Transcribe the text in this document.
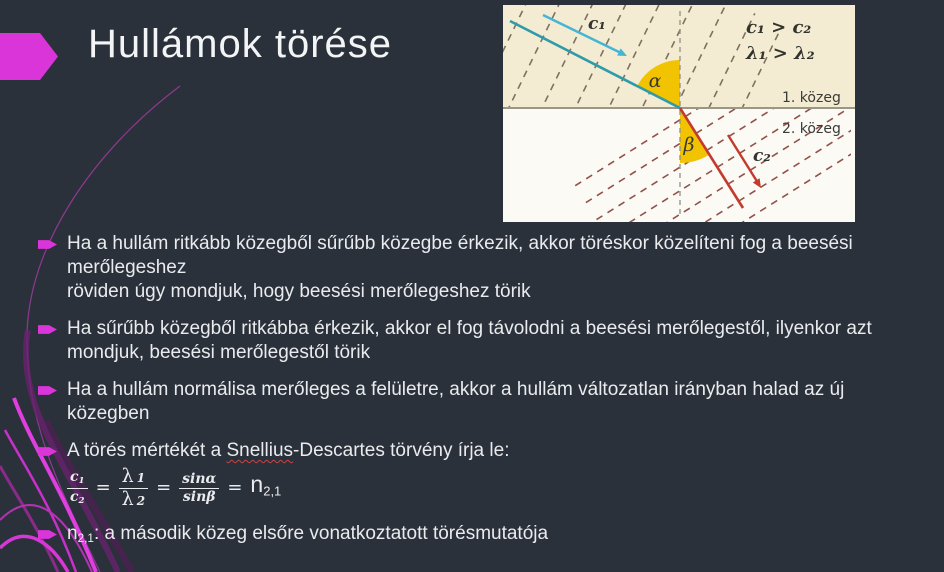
Hullámok törése	c₁
c₂
c₁ > c₂
λ₁ > λ₂
1. közeg
2. közeg
α
β
Ha a hullám ritkább közegből sűrűbb közegbe érkezik, akkor töréskor közelíteni fog a beesési merőlegeshez
röviden úgy mondjuk, hogy beesési merőlegeshez törik
Ha sűrűbb közegből ritkábba érkezik, akkor el fog távolodni a beesési merőlegestől, ilyenkor azt mondjuk, beesési merőlegestől törik
Ha a hullám normálisa merőleges a felületre, akkor a hullám változatlan irányban halad az új közegben
A törés mértékét a Snellius-Descartes törvény írja le:
$\frac{c_1}{c_2} = \frac{\lambda 1}{\lambda 2} = \frac{\sin\alpha}{\sin\beta} = n_{2,1}$
$n_{2,1}$: a második közeg elsőre vonatkoztatott törésmutatója
